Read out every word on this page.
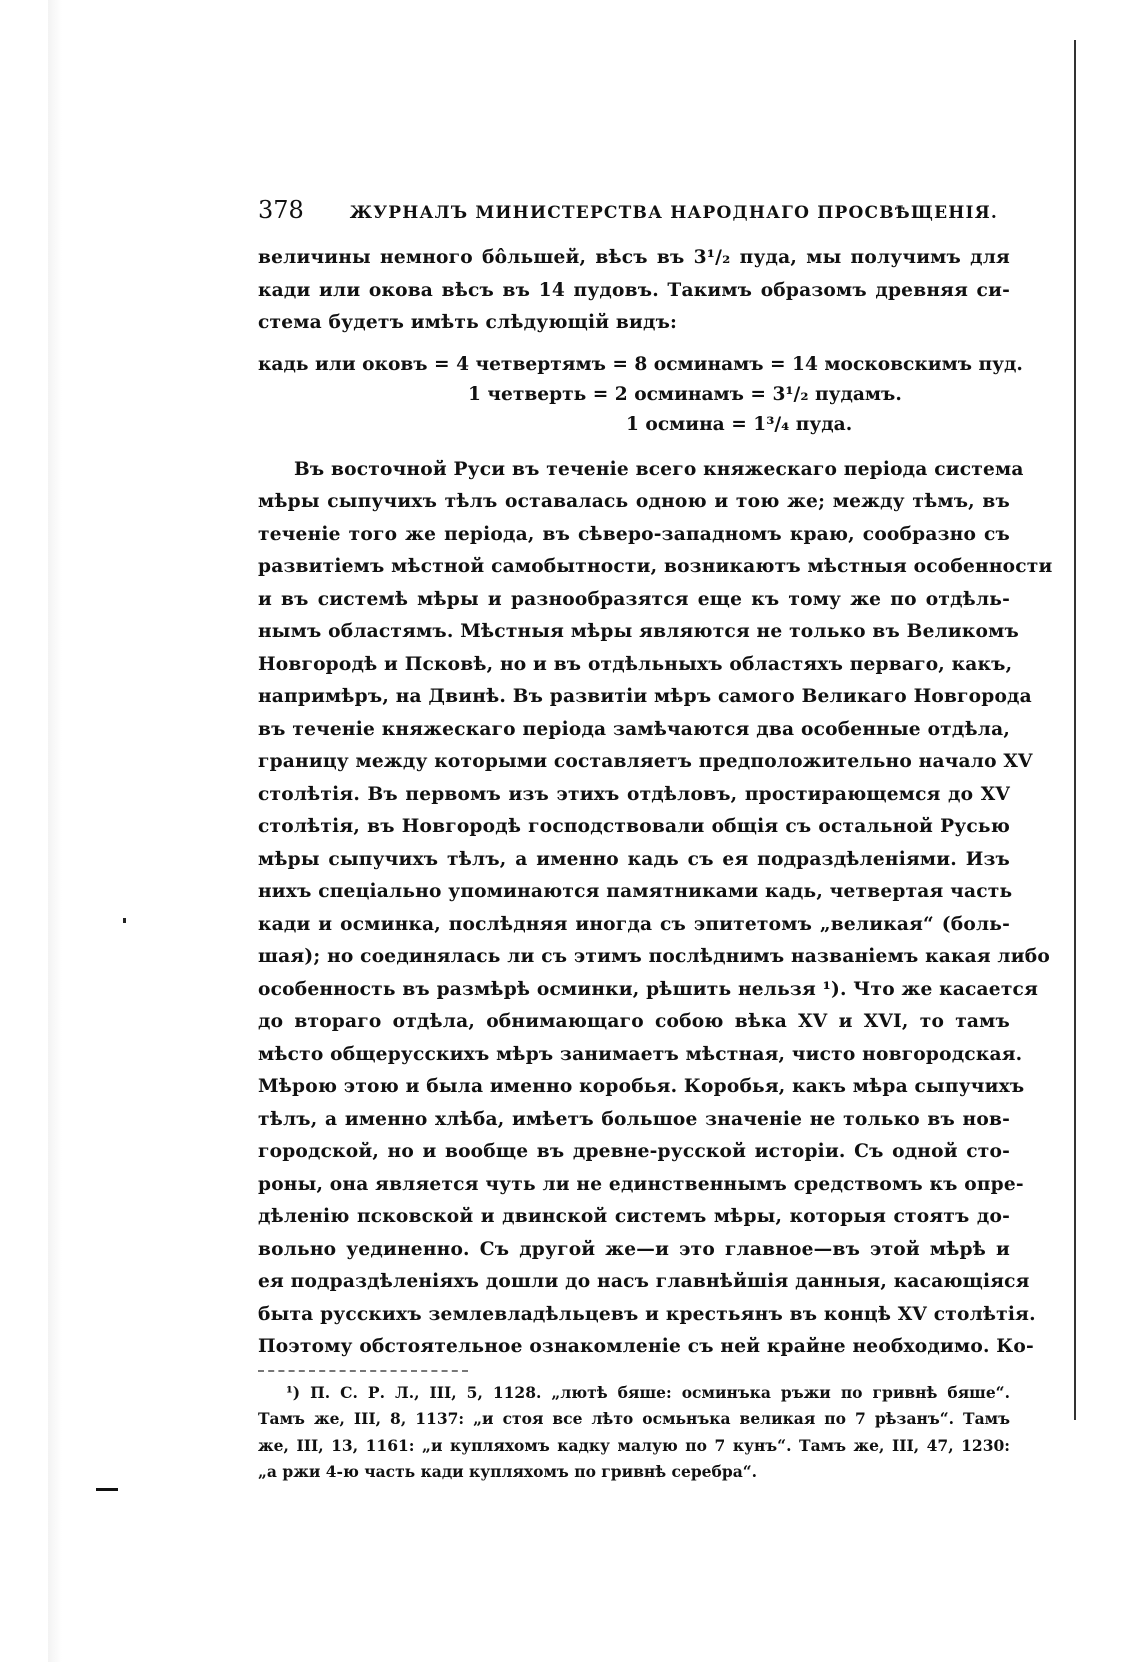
378	ЖУРНАЛЪ МИНИСТЕРСТВА НАРОДНАГО ПРОСВѢЩЕНІЯ.

величины немного бо̂льшей, вѣсъ въ 3¹/₂ пуда, мы получимъ для

кади или окова вѣсъ въ 14 пудовъ. Такимъ образомъ древняя си-

стема будетъ имѣть слѣдующій видъ:

кадь или оковъ = 4 четвертямъ = 8 осминамъ = 14 московскимъ пуд.
1 четверть = 2 осминамъ = 3¹/₂ пудамъ.
1 осмина = 1³/₄ пуда.

Въ восточной Руси въ теченіе всего княжескаго періода система

мѣры сыпучихъ тѣлъ оставалась одною и тою же; между тѣмъ, въ

теченіе того же періода, въ сѣверо-западномъ краю, сообразно съ

развитіемъ мѣстной самобытности, возникаютъ мѣстныя особенности

и въ системѣ мѣры и разнообразятся еще къ тому же по отдѣль-

нымъ областямъ. Мѣстныя мѣры являются не только въ Великомъ

Новгородѣ и Псковѣ, но и въ отдѣльныхъ областяхъ перваго, какъ,

напримѣръ, на Двинѣ. Въ развитіи мѣръ самого Великаго Новгорода

въ теченіе княжескаго періода замѣчаются два особенные отдѣла,

границу между которыми составляетъ предположительно начало XV

столѣтія. Въ первомъ изъ этихъ отдѣловъ, простирающемся до XV

столѣтія, въ Новгородѣ господствовали общія съ остальной Русью

мѣры сыпучихъ тѣлъ, а именно кадь съ ея подраздѣленіями. Изъ

нихъ спеціально упоминаются памятниками кадь, четвертая часть

кади и осминка, послѣдняя иногда съ эпитетомъ „великая“ (боль-

шая); но соединялась ли съ этимъ послѣднимъ названіемъ какая либо

особенность въ размѣрѣ осминки, рѣшить нельзя ¹). Что же касается

до втораго отдѣла, обнимающаго собою вѣка XV и XVI, то тамъ

мѣсто общерусскихъ мѣръ занимаетъ мѣстная, чисто новгородская.

Мѣрою этою и была именно коробья. Коробья, какъ мѣра сыпучихъ

тѣлъ, а именно хлѣба, имѣетъ большое значеніе не только въ нов-

городской, но и вообще въ древне-русской исторіи. Съ одной сто-

роны, она является чуть ли не единственнымъ средствомъ къ опре-

дѣленію псковской и двинской системъ мѣры, которыя стоятъ до-

вольно уединенно. Съ другой же—и это главное—въ этой мѣрѣ и

ея подраздѣленіяхъ дошли до насъ главнѣйшія данныя, касающіяся

быта русскихъ землевладѣльцевъ и крестьянъ въ концѣ XV столѣтія.

Поэтому обстоятельное ознакомленіе съ ней крайне необходимо. Ко-

¹) П. С. Р. Л., III, 5, 1128. „лютѣ бяше: осминъка ръжи по гривнѣ бяше“.

Тамъ же, III, 8, 1137: „и стоя все лѣто осмьнъка великая по 7 рѣзанъ“. Тамъ

же, III, 13, 1161: „и купляхомъ кадку малую по 7 кунъ“. Тамъ же, III, 47, 1230:

„а ржи 4-ю часть кади купляхомъ по гривнѣ серебра“.
